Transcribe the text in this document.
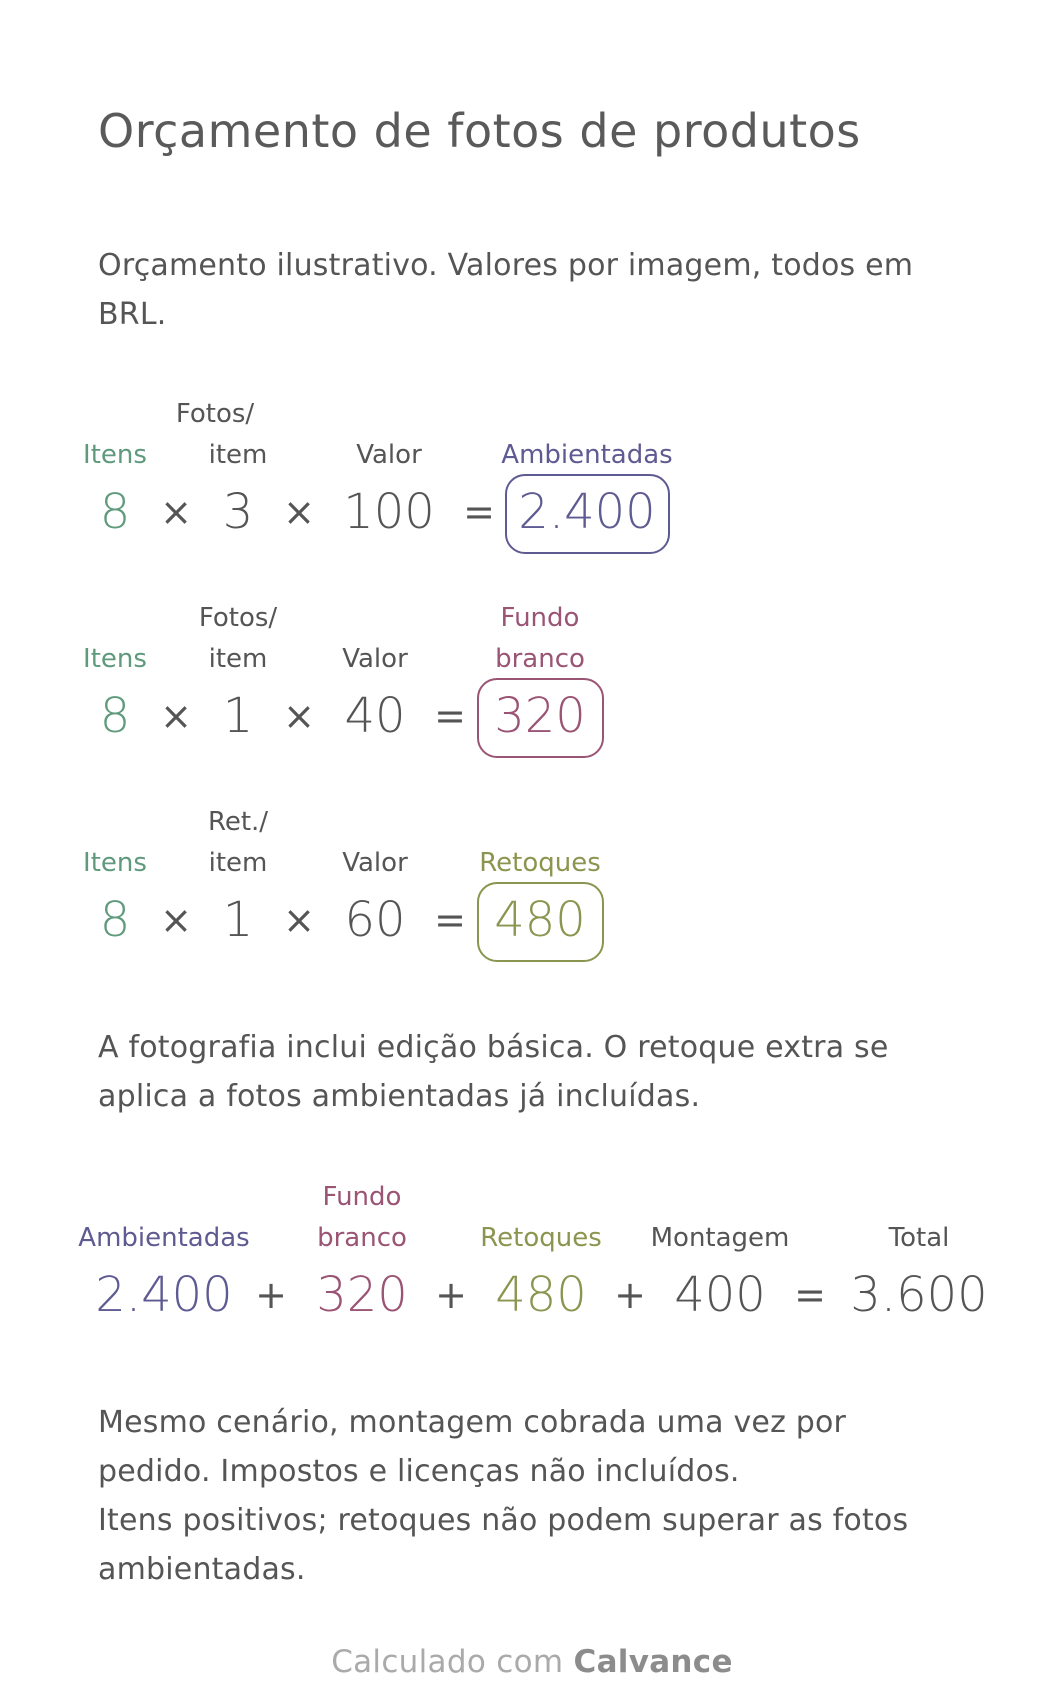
Orçamento de fotos de produtos
Orçamento ilustrativo. Valores por imagem, todos em
BRL.
Fotos/
Itens item	Valor	Ambientadas
8 × 3 × 100 = 2.400
Fotos/	Fundo
Itens item	Valor	branco
8 × 1 × 40 = 320
Ret./
Itens item	Valor	Retoques
8 × 1 × 60 = 480
A fotografia inclui edição básica. O retoque extra se
aplica a fotos ambientadas já incluídas.
Fundo
Ambientadas	branco	Retoques Montagem	Total
2.400 + 320 + 480 + 400 = 3.600
Mesmo cenário, montagem cobrada uma vez por
pedido. Impostos e licenças não incluídos.
Itens positivos; retoques não podem superar as fotos
ambientadas.
Calculado com Calvance
